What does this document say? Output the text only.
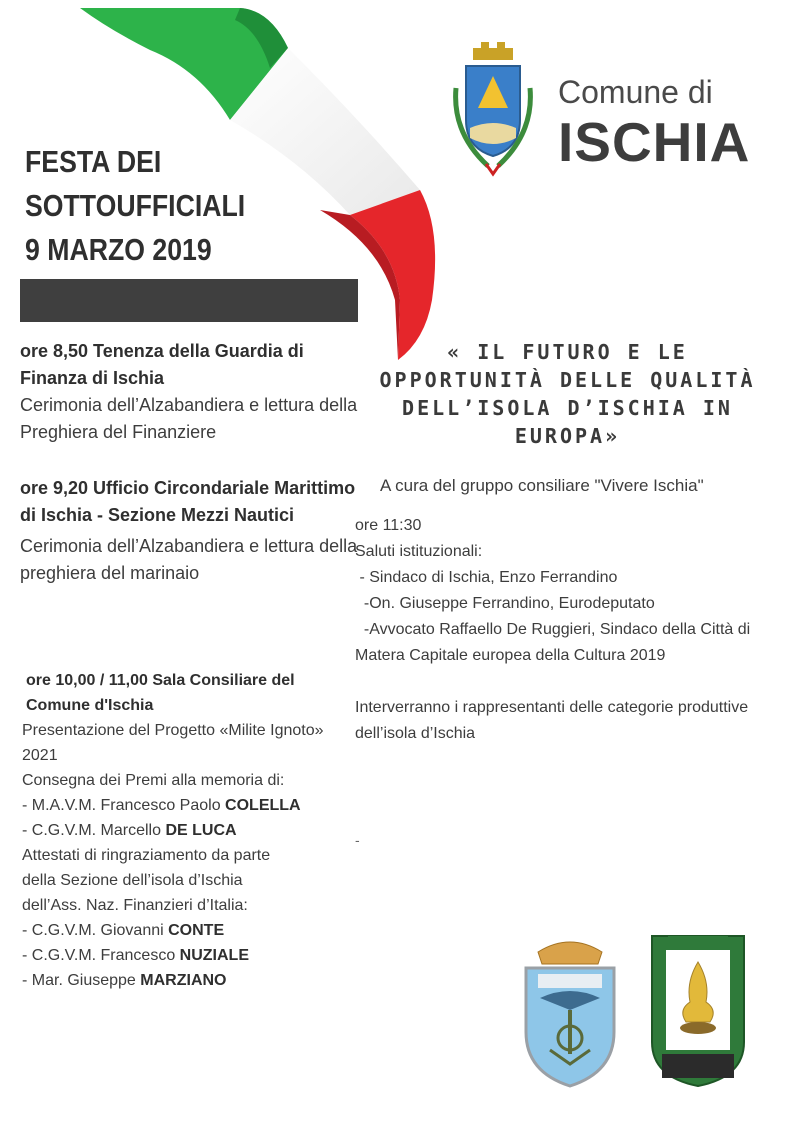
FESTA DEI
SOTTOUFFICIALI
9 MARZO 2019
Comune di
ISCHIA
ore 8,50 Tenenza della Guardia di Finanza di Ischia
Cerimonia dell’Alzabandiera e lettura della Preghiera del Finanziere
ore 9,20 Ufficio Circondariale Marittimo di Ischia - Sezione Mezzi Nautici
Cerimonia dell’Alzabandiera e lettura della preghiera del marinaio
ore 10,00 / 11,00 Sala Consiliare del Comune d'Ischia
Presentazione del Progetto «Milite Ignoto» 2021
Consegna dei Premi alla memoria di:
- M.A.V.M. Francesco Paolo COLELLA
- C.G.V.M. Marcello DE LUCA
Attestati di ringraziamento da parte della Sezione dell’isola d’Ischia dell’Ass. Naz. Finanzieri d’Italia:
- C.G.V.M. Giovanni CONTE
- C.G.V.M. Francesco NUZIALE
- Mar. Giuseppe MARZIANO
« IL FUTURO E LE OPPORTUNITÀ DELLE QUALITÀ DELL’ISOLA D’ISCHIA IN EUROPA»
A cura del gruppo consiliare "Vivere Ischia"
ore 11:30
Saluti istituzionali:
- Sindaco di Ischia, Enzo Ferrandino
-On. Giuseppe Ferrandino, Eurodeputato
-Avvocato Raffaello De Ruggieri, Sindaco della Città di Matera Capitale europea della Cultura 2019
Interverranno i rappresentanti delle categorie produttive dell’isola d’Ischia
-
